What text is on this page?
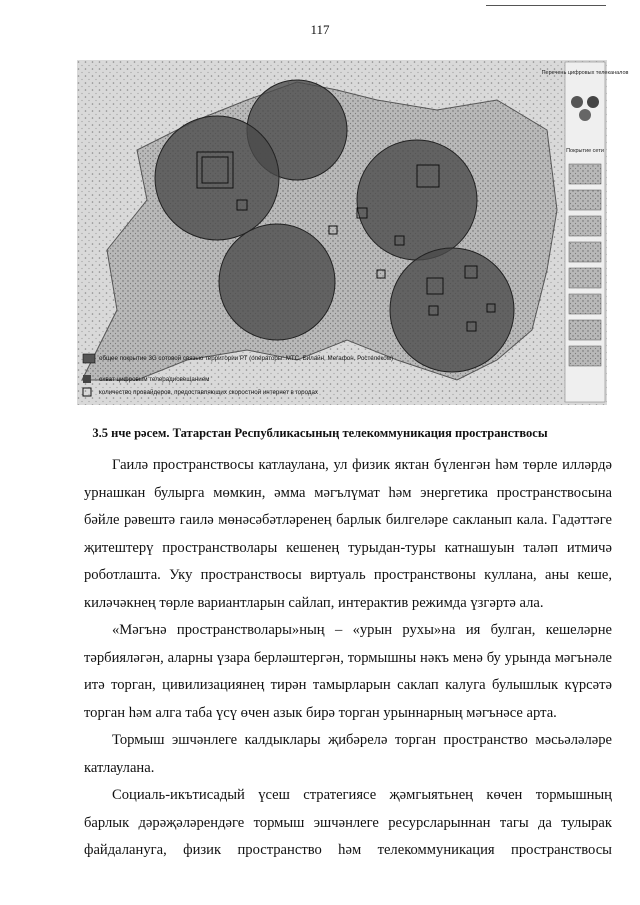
117
Перечень цифровых телеканалов
Покрытие сети
общее покрытие 3G сотовой связью территории РТ (операторы: МТС, Билайн, Мегафон, Ростелеком)
охват цифровым телерадиовещанием
количество провайдеров, предоставляющих скоростной интернет в городах
3.5 нче рәсем. Татарстан Республикасының телекоммуникация пространствосы
Гаилә пространствосы катлаулана, ул физик яктан бүленгән һәм төрле илләрдә
урнашкан булырга мөмкин, әмма мәгълүмат һәм энергетика пространствосына
бәйле рәвештә гаилә мөнәсәбәтләренең барлык билгеләре сакланып кала. Гадәттәге
җитештерү пространстволары кешенең турыдан-туры катнашуын таләп итмичә
роботлашта. Уку пространствосы виртуаль пространствоны куллана, аны кеше,
киләчәкнең төрле вариантларын сайлап, интерактив режимда үзгәртә ала.
«Мәгънә пространстволары»ның – «урын рухы»на ия булган, кешеләрне
тәрбияләгән, аларны үзара берләштергән, тормышны нәкъ менә бу урында мәгънәле
итә торган, цивилизациянең тирән тамырларын саклап калуга булышлык күрсәтә
торган һәм алга таба үсү өчен азык бирә торган урыннарның мәгънәсе арта.
Тормыш эшчәнлеге калдыклары җибәрелә торган пространство мәсьәләләре
катлаулана.
Социаль-икътисадый үсеш стратегиясе җәмгыятьнең көчен тормышның
барлык дәрәҗәләрендәге тормыш эшчәнлеге ресурсларыннан тагы да тулырак
файдалануга, физик пространство һәм телекоммуникация пространствосы
